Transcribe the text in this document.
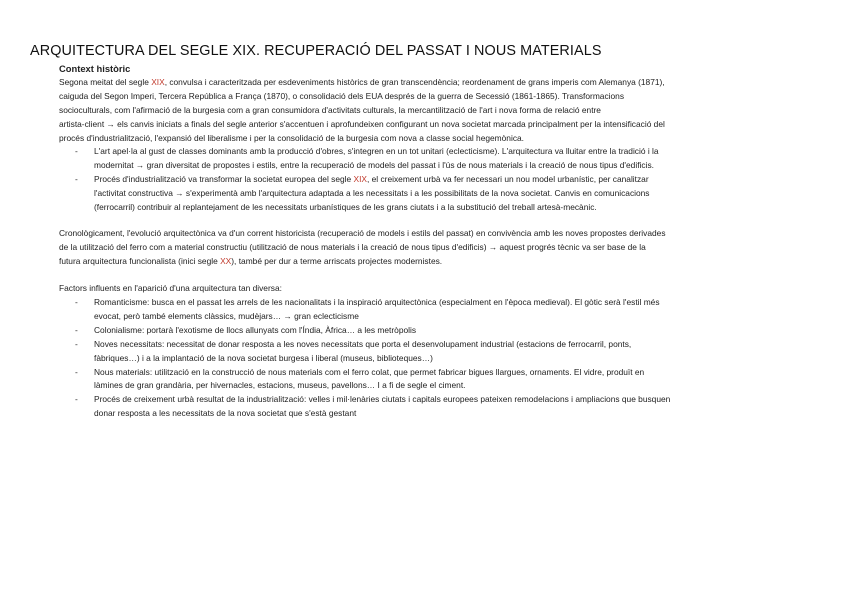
ARQUITECTURA DEL SEGLE XIX. RECUPERACIÓ DEL PASSAT I NOUS MATERIALS
Context històric
Segona meitat del segle XIX, convulsa i caracteritzada per esdeveniments històrics de gran transcendència; reordenament de grans imperis com Alemanya (1871),
caiguda del Segon Imperi, Tercera República a França (1870), o consolidació dels EUA després de la guerra de Secessió (1861-1865). Transformacions
socioculturals, com l'afirmació de la burgesia com a gran consumidora d'activitats culturals, la mercantilització de l'art i nova forma de relació entre
artista-client → els canvis iniciats a finals del segle anterior s'accentuen i aprofundeixen configurant un nova societat marcada principalment per la intensificació del
procés d'industrialització, l'expansió del liberalisme i per la consolidació de la burgesia com nova a classe social hegemònica.
- L'art apel·la al gust de classes dominants amb la producció d'obres, s'integren en un tot unitari (eclecticisme). L'arquitectura va lluitar entre la tradició i la
modernitat → gran diversitat de propostes i estils, entre la recuperació de models del passat i l'ús de nous materials i la creació de nous tipus d'edificis.
- Procés d'industrialització va transformar la societat europea del segle XIX, el creixement urbà va fer necessari un nou model urbanístic, per canalitzar
l'activitat constructiva → s'experimentà amb l'arquitectura adaptada a les necessitats i a les possibilitats de la nova societat. Canvis en comunicacions
(ferrocarril) contribuir al replantejament de les necessitats urbanístiques de les grans ciutats i a la substitució del treball artesà-mecànic.
Cronològicament, l'evolució arquitectònica va d'un corrent historicista (recuperació de models i estils del passat) en convivència amb les noves propostes derivades
de la utilització del ferro com a material constructiu (utilització de nous materials i la creació de nous tipus d'edificis) → aquest progrés tècnic va ser base de la
futura arquitectura funcionalista (inici segle XX), també per dur a terme arriscats projectes modernistes.
Factors influents en l'aparició d'una arquitectura tan diversa:
- Romanticisme: busca en el passat les arrels de les nacionalitats i la inspiració arquitectònica (especialment en l'època medieval). El gòtic serà l'estil més
evocat, però també elements clàssics, mudèjars… → gran eclecticisme
- Colonialisme: portarà l'exotisme de llocs allunyats com l'Índia, Àfrica… a les metròpolis
- Noves necessitats: necessitat de donar resposta a les noves necessitats que porta el desenvolupament industrial (estacions de ferrocarril, ponts,
fàbriques…) i a la implantació de la nova societat burgesa i liberal (museus, biblioteques…)
- Nous materials: utilització en la construcció de nous materials com el ferro colat, que permet fabricar bigues llargues, ornaments. El vidre, produït en
làmines de gran grandària, per hivernacles, estacions, museus, pavellons… I a fi de segle el ciment.
- Procés de creixement urbà resultat de la industrialització: velles i mil·lenàries ciutats i capitals europees pateixen remodelacions i ampliacions que busquen
donar resposta a les necessitats de la nova societat que s'està gestant
